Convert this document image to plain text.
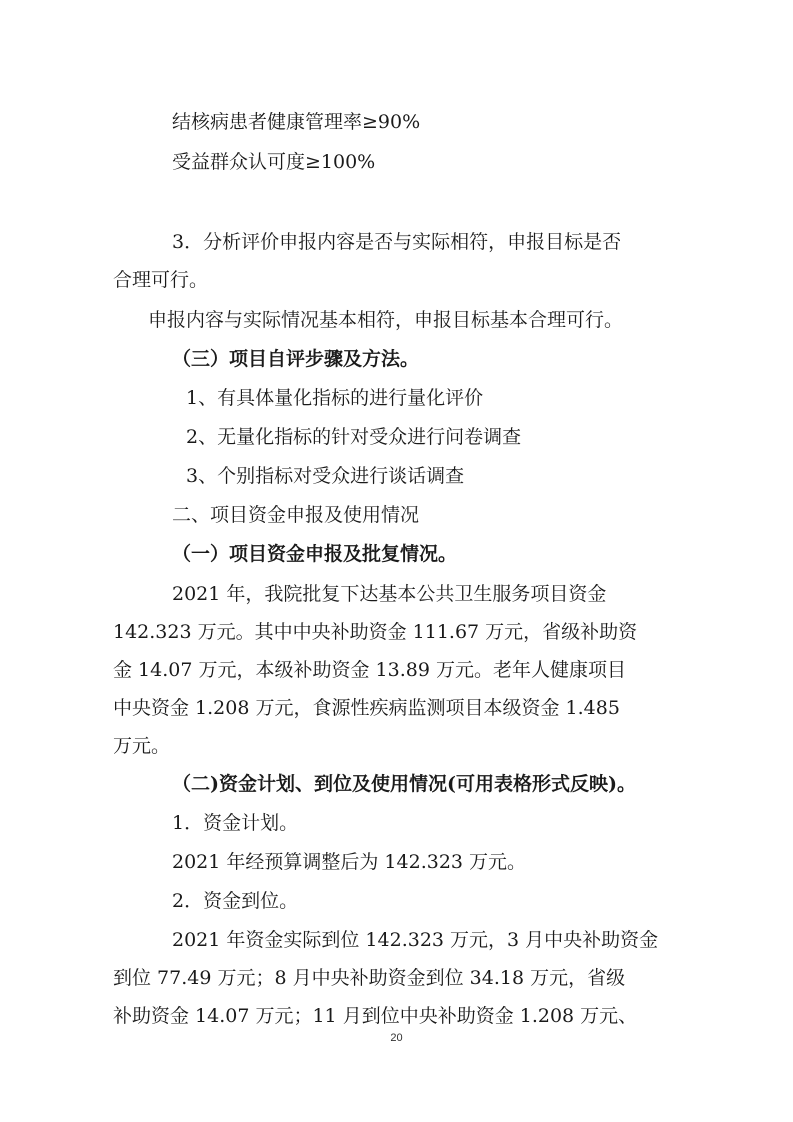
结核病患者健康管理率≥90%
受益群众认可度≥100%
3．分析评价申报内容是否与实际相符，申报目标是否
合理可行。
申报内容与实际情况基本相符，申报目标基本合理可行。
（三）项目自评步骤及方法。
1、有具体量化指标的进行量化评价
2、无量化指标的针对受众进行问卷调查
3、个别指标对受众进行谈话调查
二、项目资金申报及使用情况
（一）项目资金申报及批复情况。
2021 年，我院批复下达基本公共卫生服务项目资金
142.323 万元。其中中央补助资金 111.67 万元，省级补助资
金 14.07 万元，本级补助资金 13.89 万元。老年人健康项目
中央资金 1.208 万元，食源性疾病监测项目本级资金 1.485
万元。
（二)资金计划、到位及使用情况(可用表格形式反映)。
1．资金计划。
2021 年经预算调整后为 142.323 万元。
2．资金到位。
2021 年资金实际到位 142.323 万元，3 月中央补助资金
到位 77.49 万元；8 月中央补助资金到位 34.18 万元，省级
补助资金 14.07 万元；11 月到位中央补助资金 1.208 万元、
20
